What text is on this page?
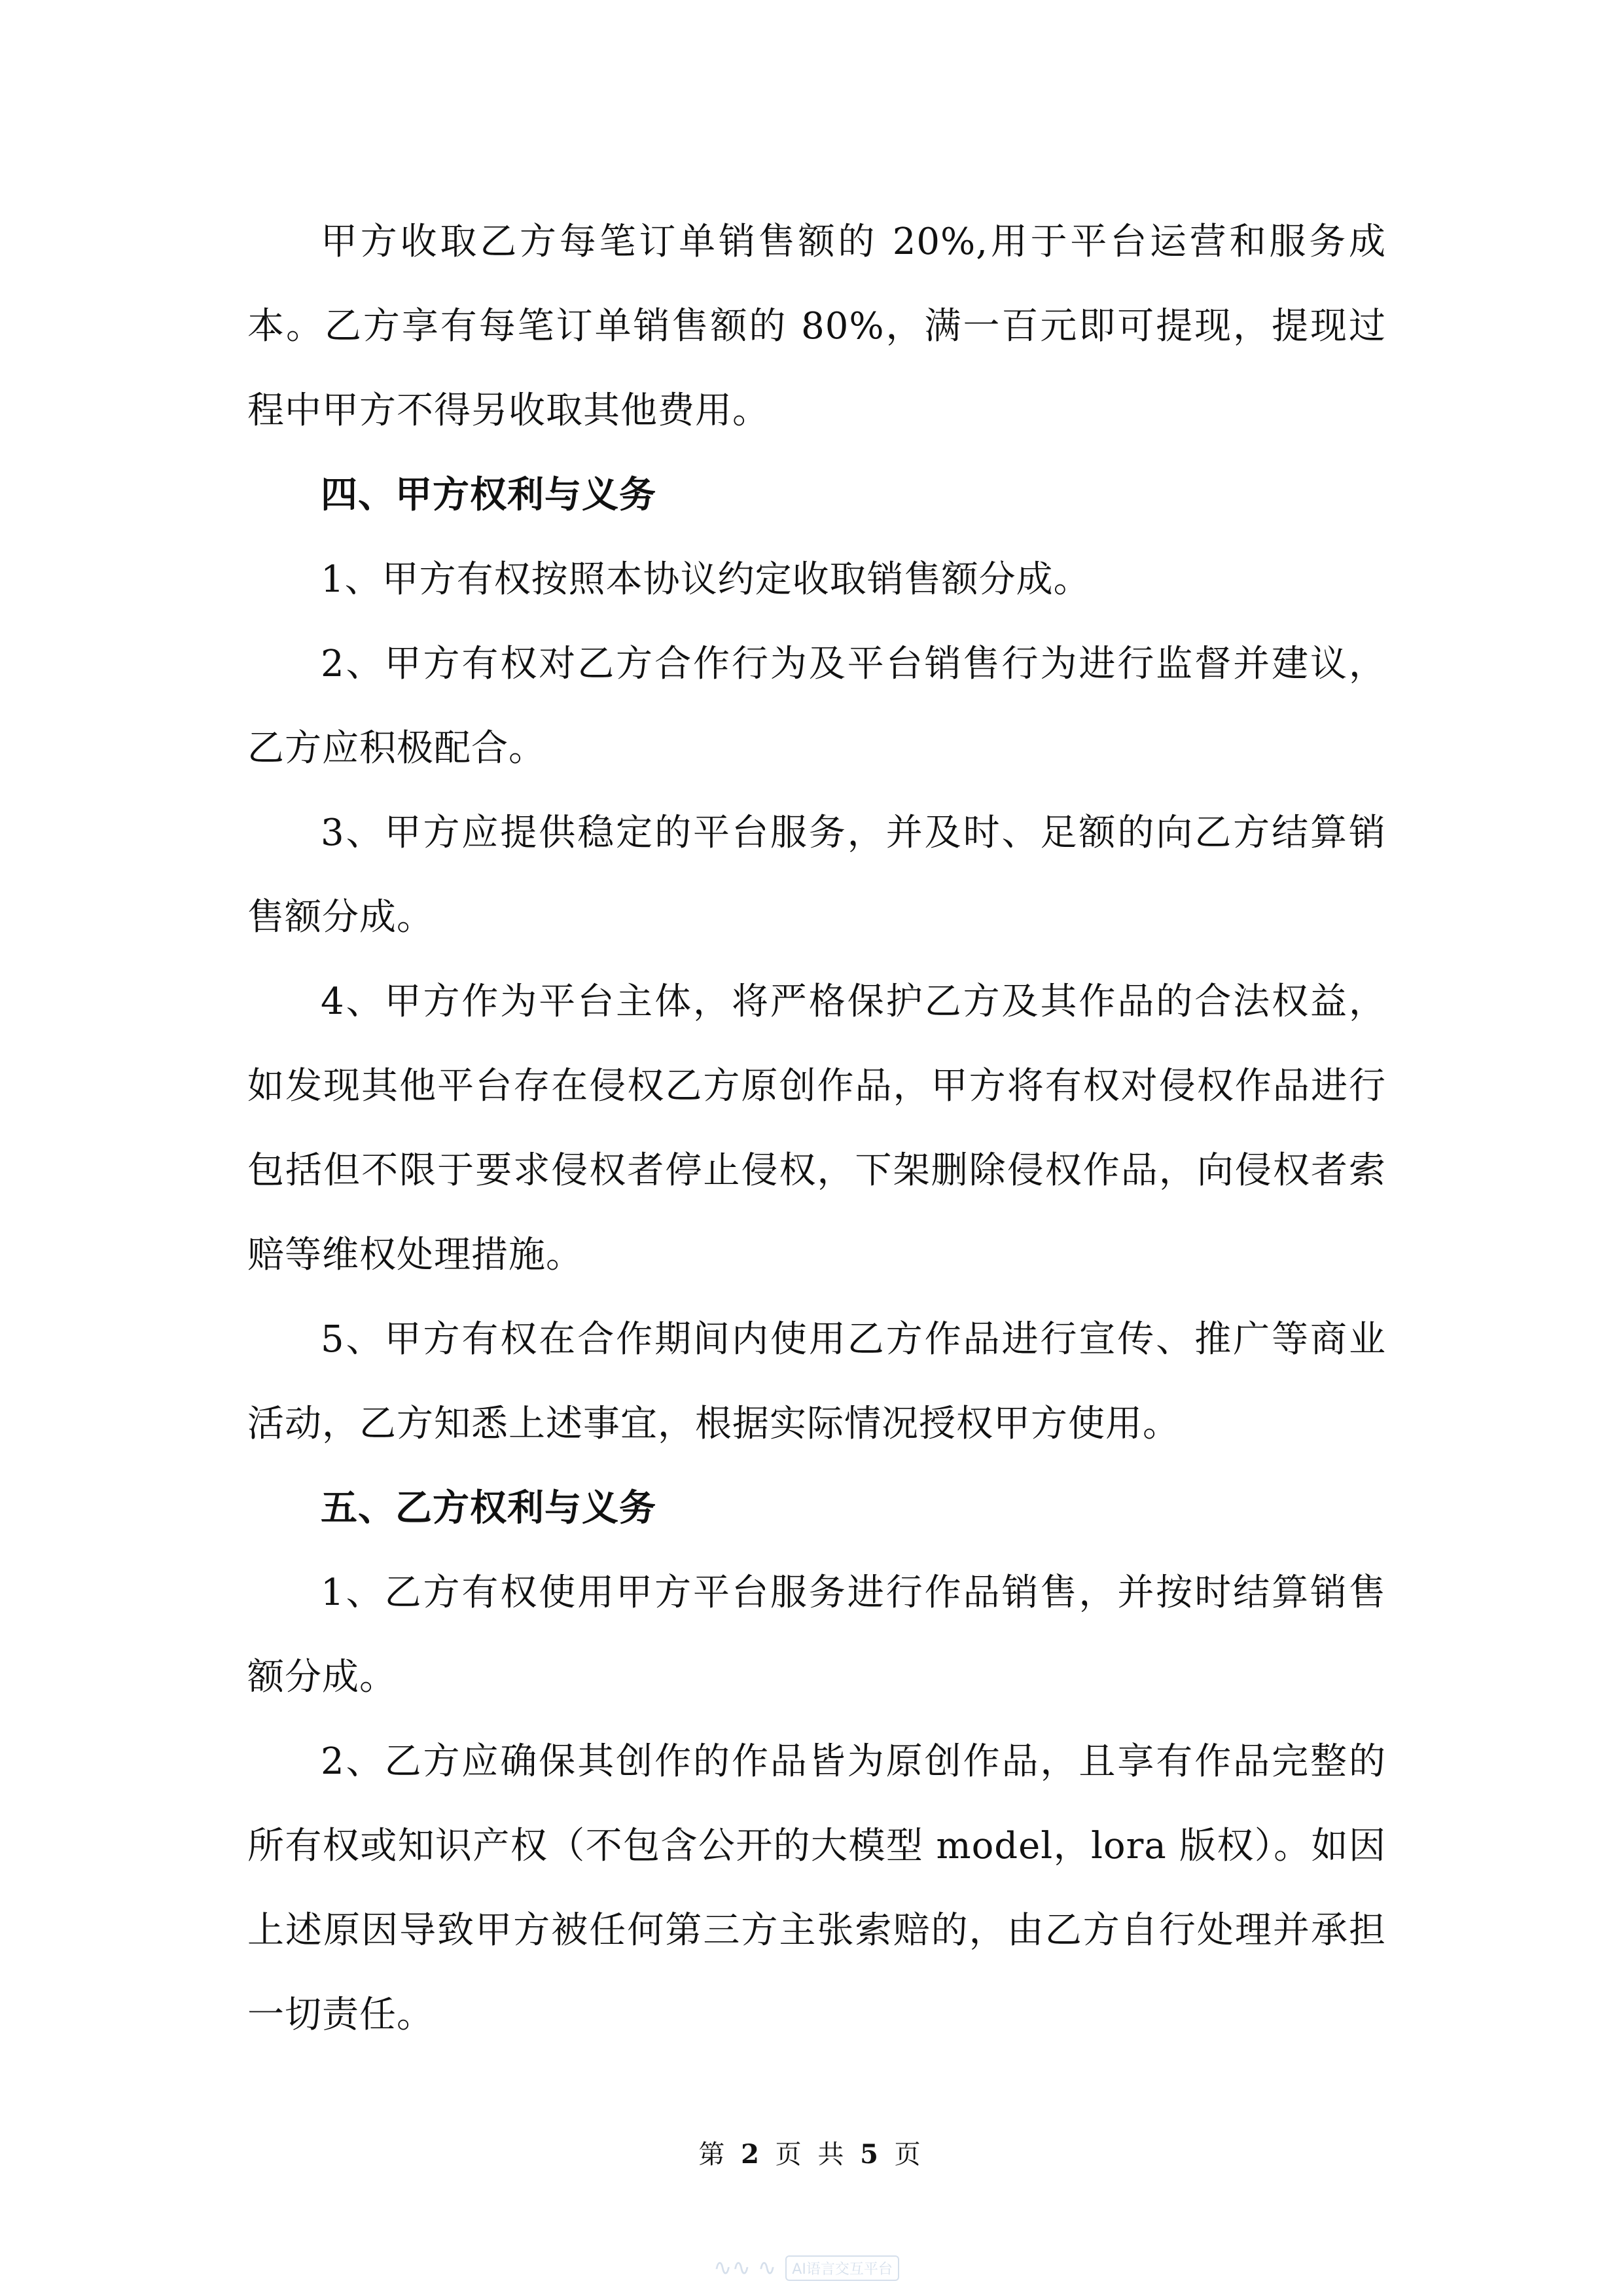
甲方收取乙方每笔订单销售额的 20%,用于平台运营和服务成本。乙方享有每笔订单销售额的 80%，满一百元即可提现，提现过程中甲方不得另收取其他费用。

四、甲方权利与义务

1、甲方有权按照本协议约定收取销售额分成。

2、甲方有权对乙方合作行为及平台销售行为进行监督并建议，乙方应积极配合。

3、甲方应提供稳定的平台服务，并及时、足额的向乙方结算销售额分成。

4、甲方作为平台主体，将严格保护乙方及其作品的合法权益，如发现其他平台存在侵权乙方原创作品，甲方将有权对侵权作品进行包括但不限于要求侵权者停止侵权，下架删除侵权作品，向侵权者索赔等维权处理措施。

5、甲方有权在合作期间内使用乙方作品进行宣传、推广等商业活动，乙方知悉上述事宜，根据实际情况授权甲方使用。

五、乙方权利与义务

1、乙方有权使用甲方平台服务进行作品销售，并按时结算销售额分成。

2、乙方应确保其创作的作品皆为原创作品，且享有作品完整的所有权或知识产权（不包含公开的大模型 model，lora 版权）。如因上述原因导致甲方被任何第三方主张索赔的，由乙方自行处理并承担一切责任。

第 2 页 共 5 页
∿∿ ∿	AI语言交互平台
